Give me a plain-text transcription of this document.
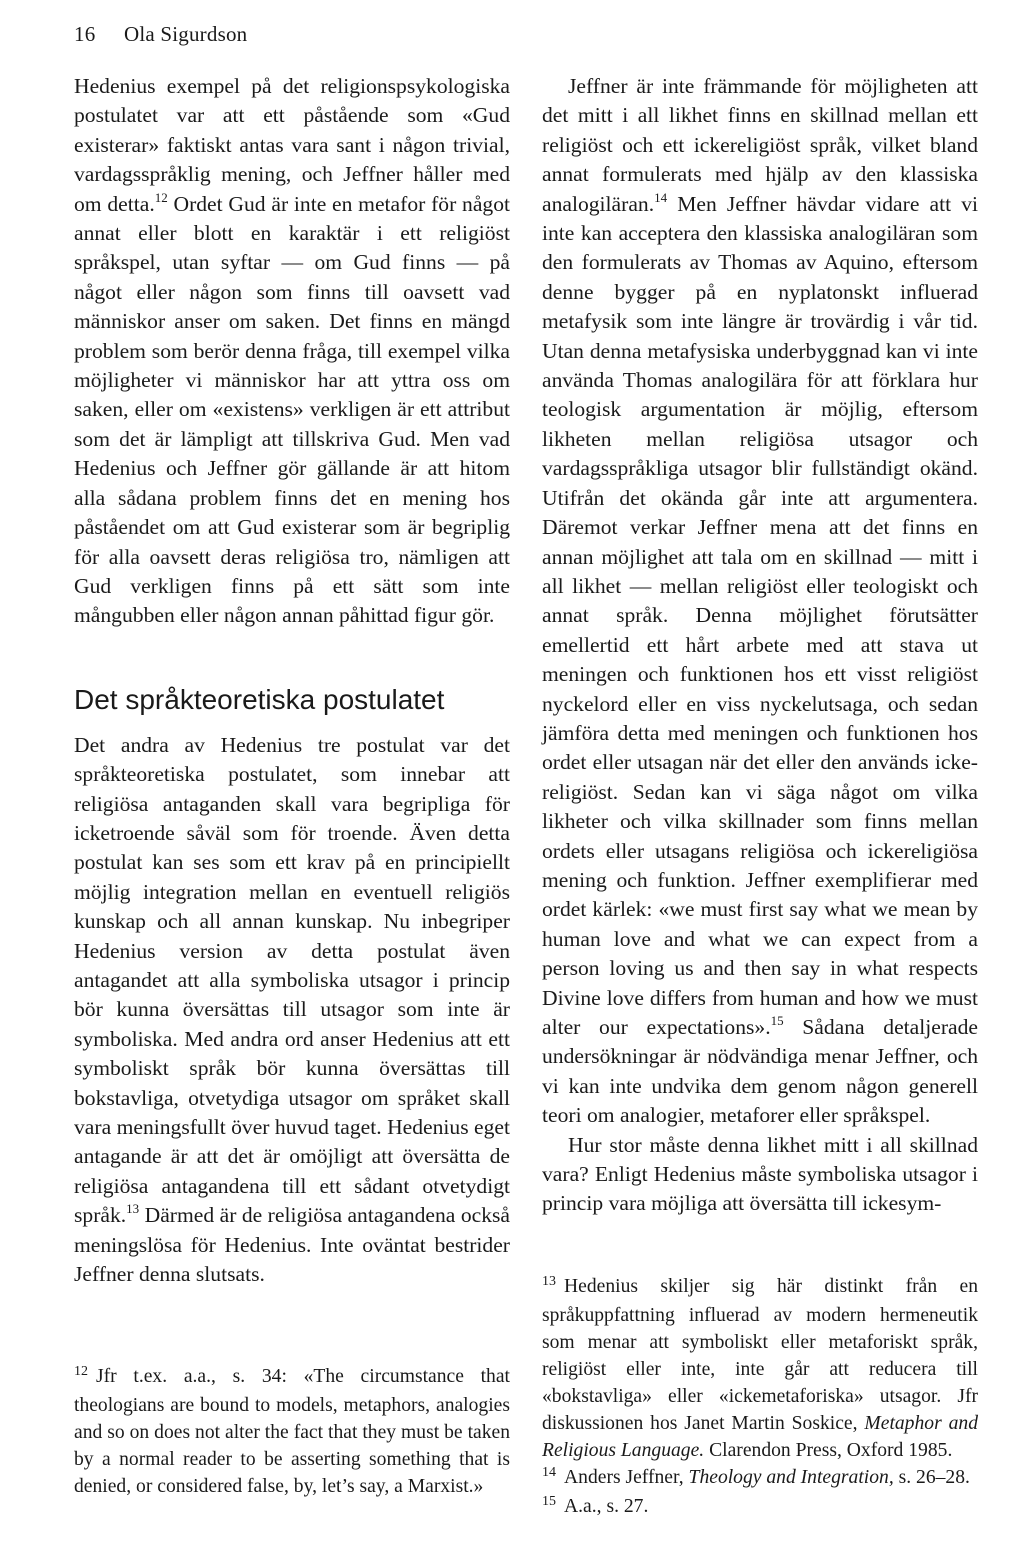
16 Ola Sigurdson

Hedenius exempel på det religionspsykologiska postulatet var att ett påstående som «Gud existerar» faktiskt antas vara sant i någon trivial, vardagsspråklig mening, och Jeffner håller med om detta.$^{12}$ Ordet Gud är inte en metafor för något annat eller blott en karaktär i ett religiöst språkspel, utan syftar — om Gud finns — på något eller någon som finns till oavsett vad människor anser om saken. Det finns en mängd problem som berör denna fråga, till exempel vilka möjligheter vi människor har att yttra oss om saken, eller om «existens» verkligen är ett attribut som det är lämpligt att tillskriva Gud. Men vad Hedenius och Jeffner gör gällande är att hitom alla sådana problem finns det en mening hos påståendet om att Gud existerar som är begriplig för alla oavsett deras religiösa tro, nämligen att Gud verkligen finns på ett sätt som inte mångubben eller någon annan påhittad figur gör.

Det språkteoretiska postulatet

Det andra av Hedenius tre postulat var det språkteoretiska postulatet, som innebar att religiösa antaganden skall vara begripliga för icketroende såväl som för troende. Även detta postulat kan ses som ett krav på en principiellt möjlig integration mellan en eventuell religiös kunskap och all annan kunskap. Nu inbegriper Hedenius version av detta postulat även antagandet att alla symboliska utsagor i princip bör kunna översättas till utsagor som inte är symboliska. Med andra ord anser Hedenius att ett symboliskt språk bör kunna översättas till bokstavliga, otvetydiga utsagor om språket skall vara meningsfullt över huvud taget. Hedenius eget antagande är att det är omöjligt att översätta de religiösa antagandena till ett sådant otvetydigt språk.$^{13}$ Därmed är de religiösa antagandena också meningslösa för Hedenius. Inte oväntat bestrider Jeffner denna slutsats.

$^{12}$ Jfr t.ex. a.a., s. 34: «The circumstance that theologians are bound to models, metaphors, analogies and so on does not alter the fact that they must be taken by a normal reader to be asserting something that is denied, or considered false, by, let’s say, a Marxist.»

Jeffner är inte främmande för möjligheten att det mitt i all likhet finns en skillnad mellan ett religiöst och ett ickereligiöst språk, vilket bland annat formulerats med hjälp av den klassiska analogiläran.$^{14}$ Men Jeffner hävdar vidare att vi inte kan acceptera den klassiska analogiläran som den formulerats av Thomas av Aquino, eftersom denne bygger på en nyplatonskt influerad metafysik som inte längre är trovärdig i vår tid. Utan denna metafysiska underbyggnad kan vi inte använda Thomas analogilära för att förklara hur teologisk argumentation är möjlig, eftersom likheten mellan religiösa utsagor och vardagsspråkliga utsagor blir fullständigt okänd. Utifrån det okända går inte att argumentera. Däremot verkar Jeffner mena att det finns en annan möjlighet att tala om en skillnad — mitt i all likhet — mellan religiöst eller teologiskt och annat språk. Denna möjlighet förutsätter emellertid ett hårt arbete med att stava ut meningen och funktionen hos ett visst religiöst nyckelord eller en viss nyckelutsaga, och sedan jämföra detta med meningen och funktionen hos ordet eller utsagan när det eller den används icke-religiöst. Sedan kan vi säga något om vilka likheter och vilka skillnader som finns mellan ordets eller utsagans religiösa och ickereligiösa mening och funktion. Jeffner exemplifierar med ordet kärlek: «we must first say what we mean by human love and what we can expect from a person loving us and then say in what respects Divine love differs from human and how we must alter our expectations».$^{15}$ Sådana detaljerade undersökningar är nödvändiga menar Jeffner, och vi kan inte undvika dem genom någon generell teori om analogier, metaforer eller språkspel.

Hur stor måste denna likhet mitt i all skillnad vara? Enligt Hedenius måste symboliska utsagor i princip vara möjliga att översätta till ickesym-

$^{13}$ Hedenius skiljer sig här distinkt från en språkuppfattning influerad av modern hermeneutik som menar att symboliskt eller metaforiskt språk, religiöst eller inte, inte går att reducera till «bokstavliga» eller «ickemetaforiska» utsagor. Jfr diskussionen hos Janet Martin Soskice, Metaphor and Religious Language. Clarendon Press, Oxford 1985.

$^{14}$ Anders Jeffner, Theology and Integration, s. 26–28.

$^{15}$ A.a., s. 27.
